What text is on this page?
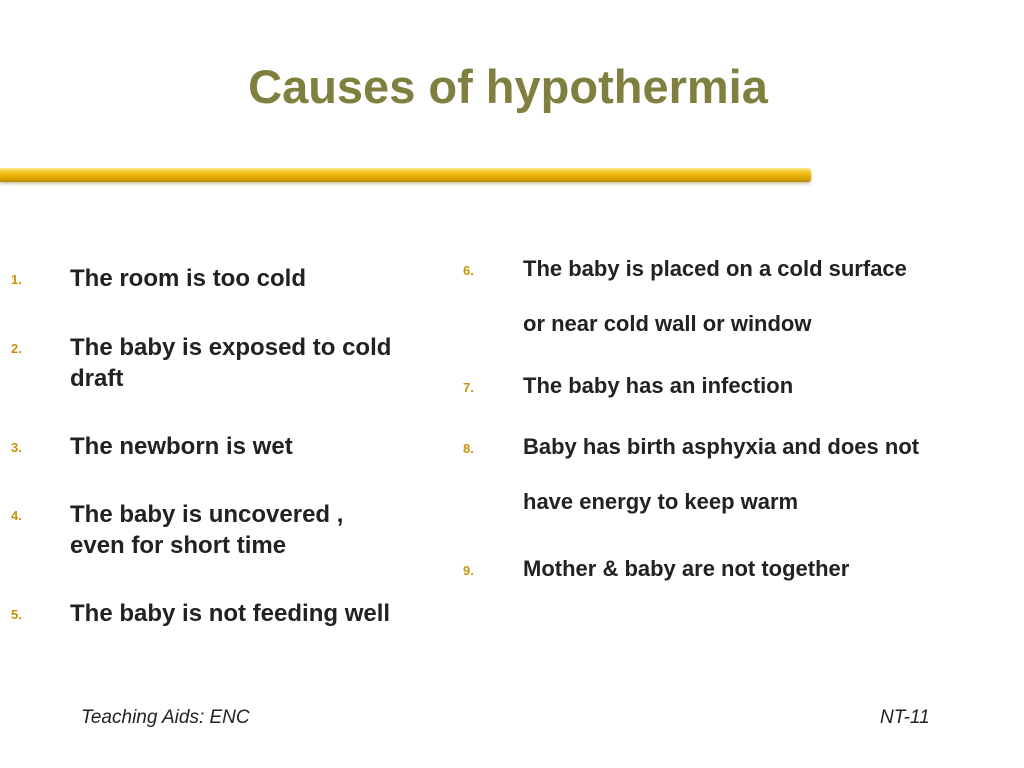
Causes of hypothermia
1. The room is too cold
2. The baby is exposed to cold
draft
3. The newborn is wet
4. The baby is uncovered ,
even for short time
5. The baby is not feeding well
6. The baby is placed on a cold surface
or near cold wall or window
7. The baby has an infection
8. Baby has birth asphyxia and does not
have energy to keep warm
9. Mother & baby are not together
Teaching Aids: ENC	NT-11
